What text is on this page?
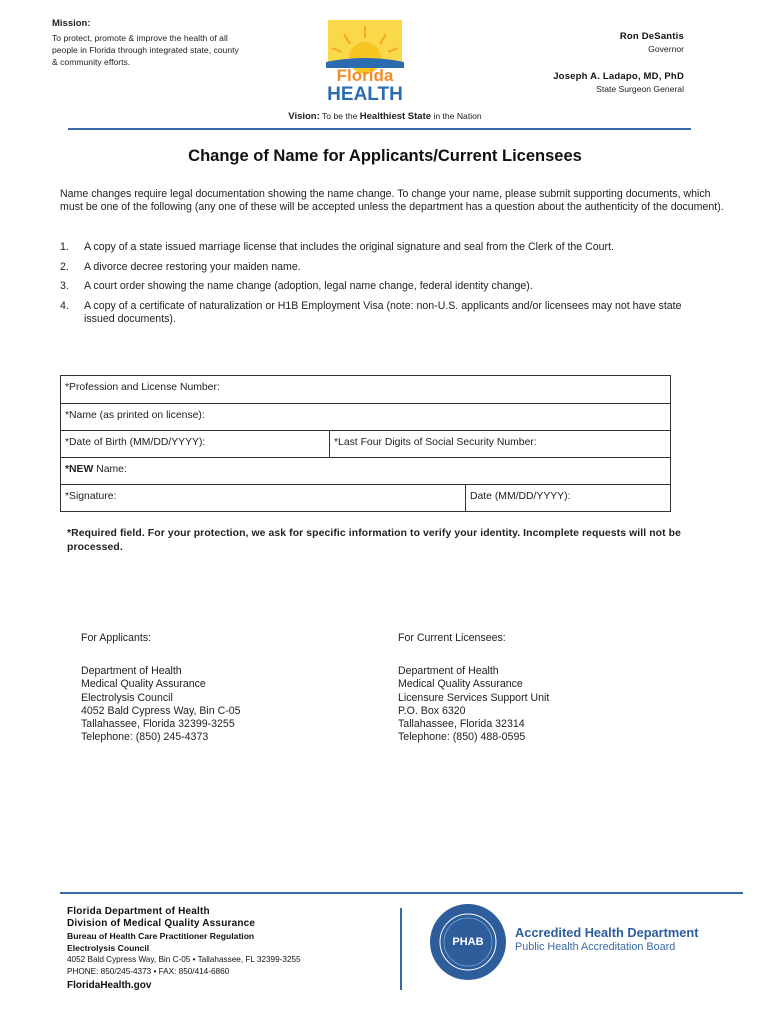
Mission:
To protect, promote & improve the health of all people in Florida through integrated state, county & community efforts.
Florida
HEALTH
Ron DeSantis
Governor
Joseph A. Ladapo, MD, PhD
State Surgeon General
Vision: To be the Healthiest State in the Nation
Change of Name for Applicants/Current Licensees
Name changes require legal documentation showing the name change. To change your name, please submit supporting documents, which must be one of the following (any one of these will be accepted unless the department has a question about the authenticity of the document).
1. A copy of a state issued marriage license that includes the original signature and seal from the Clerk of the Court.
2. A divorce decree restoring your maiden name.
3. A court order showing the name change (adoption, legal name change, federal identity change).
4. A copy of a certificate of naturalization or H1B Employment Visa (note: non-U.S. applicants and/or licensees may not have state issued documents).
*Profession and License Number:
*Name (as printed on license):
*Date of Birth (MM/DD/YYYY):	*Last Four Digits of Social Security Number:
*NEW Name:
*Signature:	Date (MM/DD/YYYY):
*Required field. For your protection, we ask for specific information to verify your identity. Incomplete requests will not be processed.
For Applicants:
Department of Health
Medical Quality Assurance
Electrolysis Council
4052 Bald Cypress Way, Bin C-05
Tallahassee, Florida 32399-3255
Telephone: (850) 245-4373
For Current Licensees:
Department of Health
Medical Quality Assurance
Licensure Services Support Unit
P.O. Box 6320
Tallahassee, Florida 32314
Telephone: (850) 488-0595
Florida Department of Health
Division of Medical Quality Assurance
Bureau of Health Care Practitioner Regulation
Electrolysis Council
4052 Bald Cypress Way, Bin C-05 • Tallahassee, FL 32399-3255
PHONE: 850/245-4373 • FAX: 850/414-6860
FloridaHealth.gov
PHAB
Accredited Health Department
Public Health Accreditation Board
